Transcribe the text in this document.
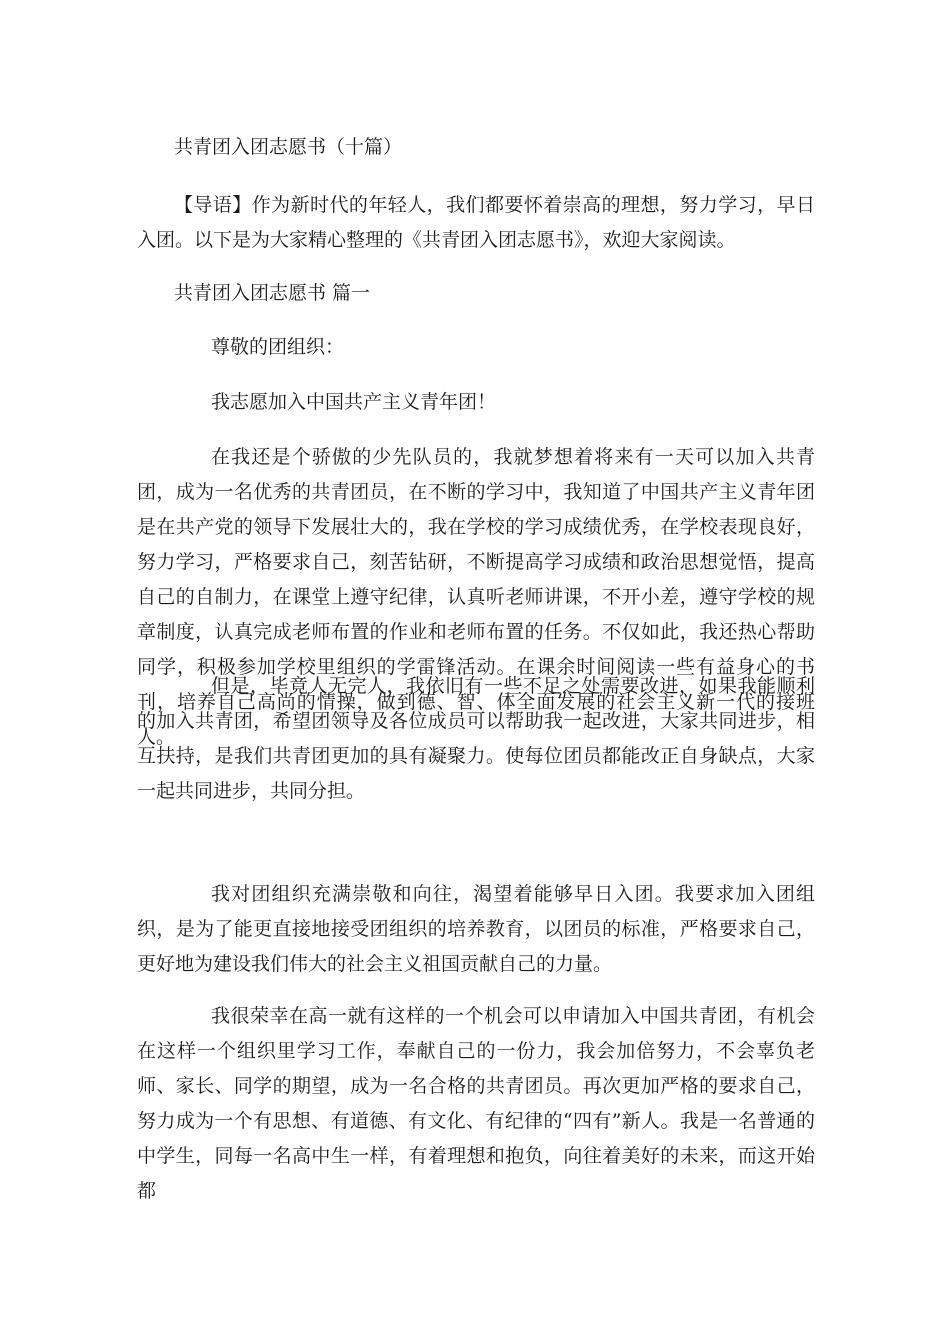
共青团入团志愿书（十篇）

【导语】作为新时代的年轻人，我们都要怀着崇高的理想，努力学习，早日入团。以下是为大家精心整理的《共青团入团志愿书》，欢迎大家阅读。

共青团入团志愿书 篇一

尊敬的团组织：

我志愿加入中国共产主义青年团！

在我还是个骄傲的少先队员的，我就梦想着将来有一天可以加入共青团，成为一名优秀的共青团员，在不断的学习中，我知道了中国共产主义青年团是在共产党的领导下发展壮大的，我在学校的学习成绩优秀，在学校表现良好，努力学习，严格要求自己，刻苦钻研，不断提高学习成绩和政治思想觉悟，提高自己的自制力，在课堂上遵守纪律，认真听老师讲课，不开小差，遵守学校的规章制度，认真完成老师布置的作业和老师布置的任务。不仅如此，我还热心帮助同学，积极参加学校里组织的学雷锋活动。在课余时间阅读一些有益身心的书刊，培养自己高尚的情操，做到德、智、体全面发展的社会主义新一代的接班人。

但是，毕竟人无完人，我依旧有一些不足之处需要改进，如果我能顺利的加入共青团，希望团领导及各位成员可以帮助我一起改进，大家共同进步，相互扶持，是我们共青团更加的具有凝聚力。使每位团员都能改正自身缺点，大家一起共同进步，共同分担。

我对团组织充满崇敬和向往，渴望着能够早日入团。我要求加入团组织，是为了能更直接地接受团组织的培养教育，以团员的标准，严格要求自己，更好地为建设我们伟大的社会主义祖国贡献自己的力量。

我很荣幸在高一就有这样的一个机会可以申请加入中国共青团，有机会在这样一个组织里学习工作，奉献自己的一份力，我会加倍努力，不会辜负老师、家长、同学的期望，成为一名合格的共青团员。再次更加严格的要求自己，努力成为一个有思想、有道德、有文化、有纪律的“四有”新人。我是一名普通的中学生，同每一名高中生一样，有着理想和抱负，向往着美好的未来，而这开始都
